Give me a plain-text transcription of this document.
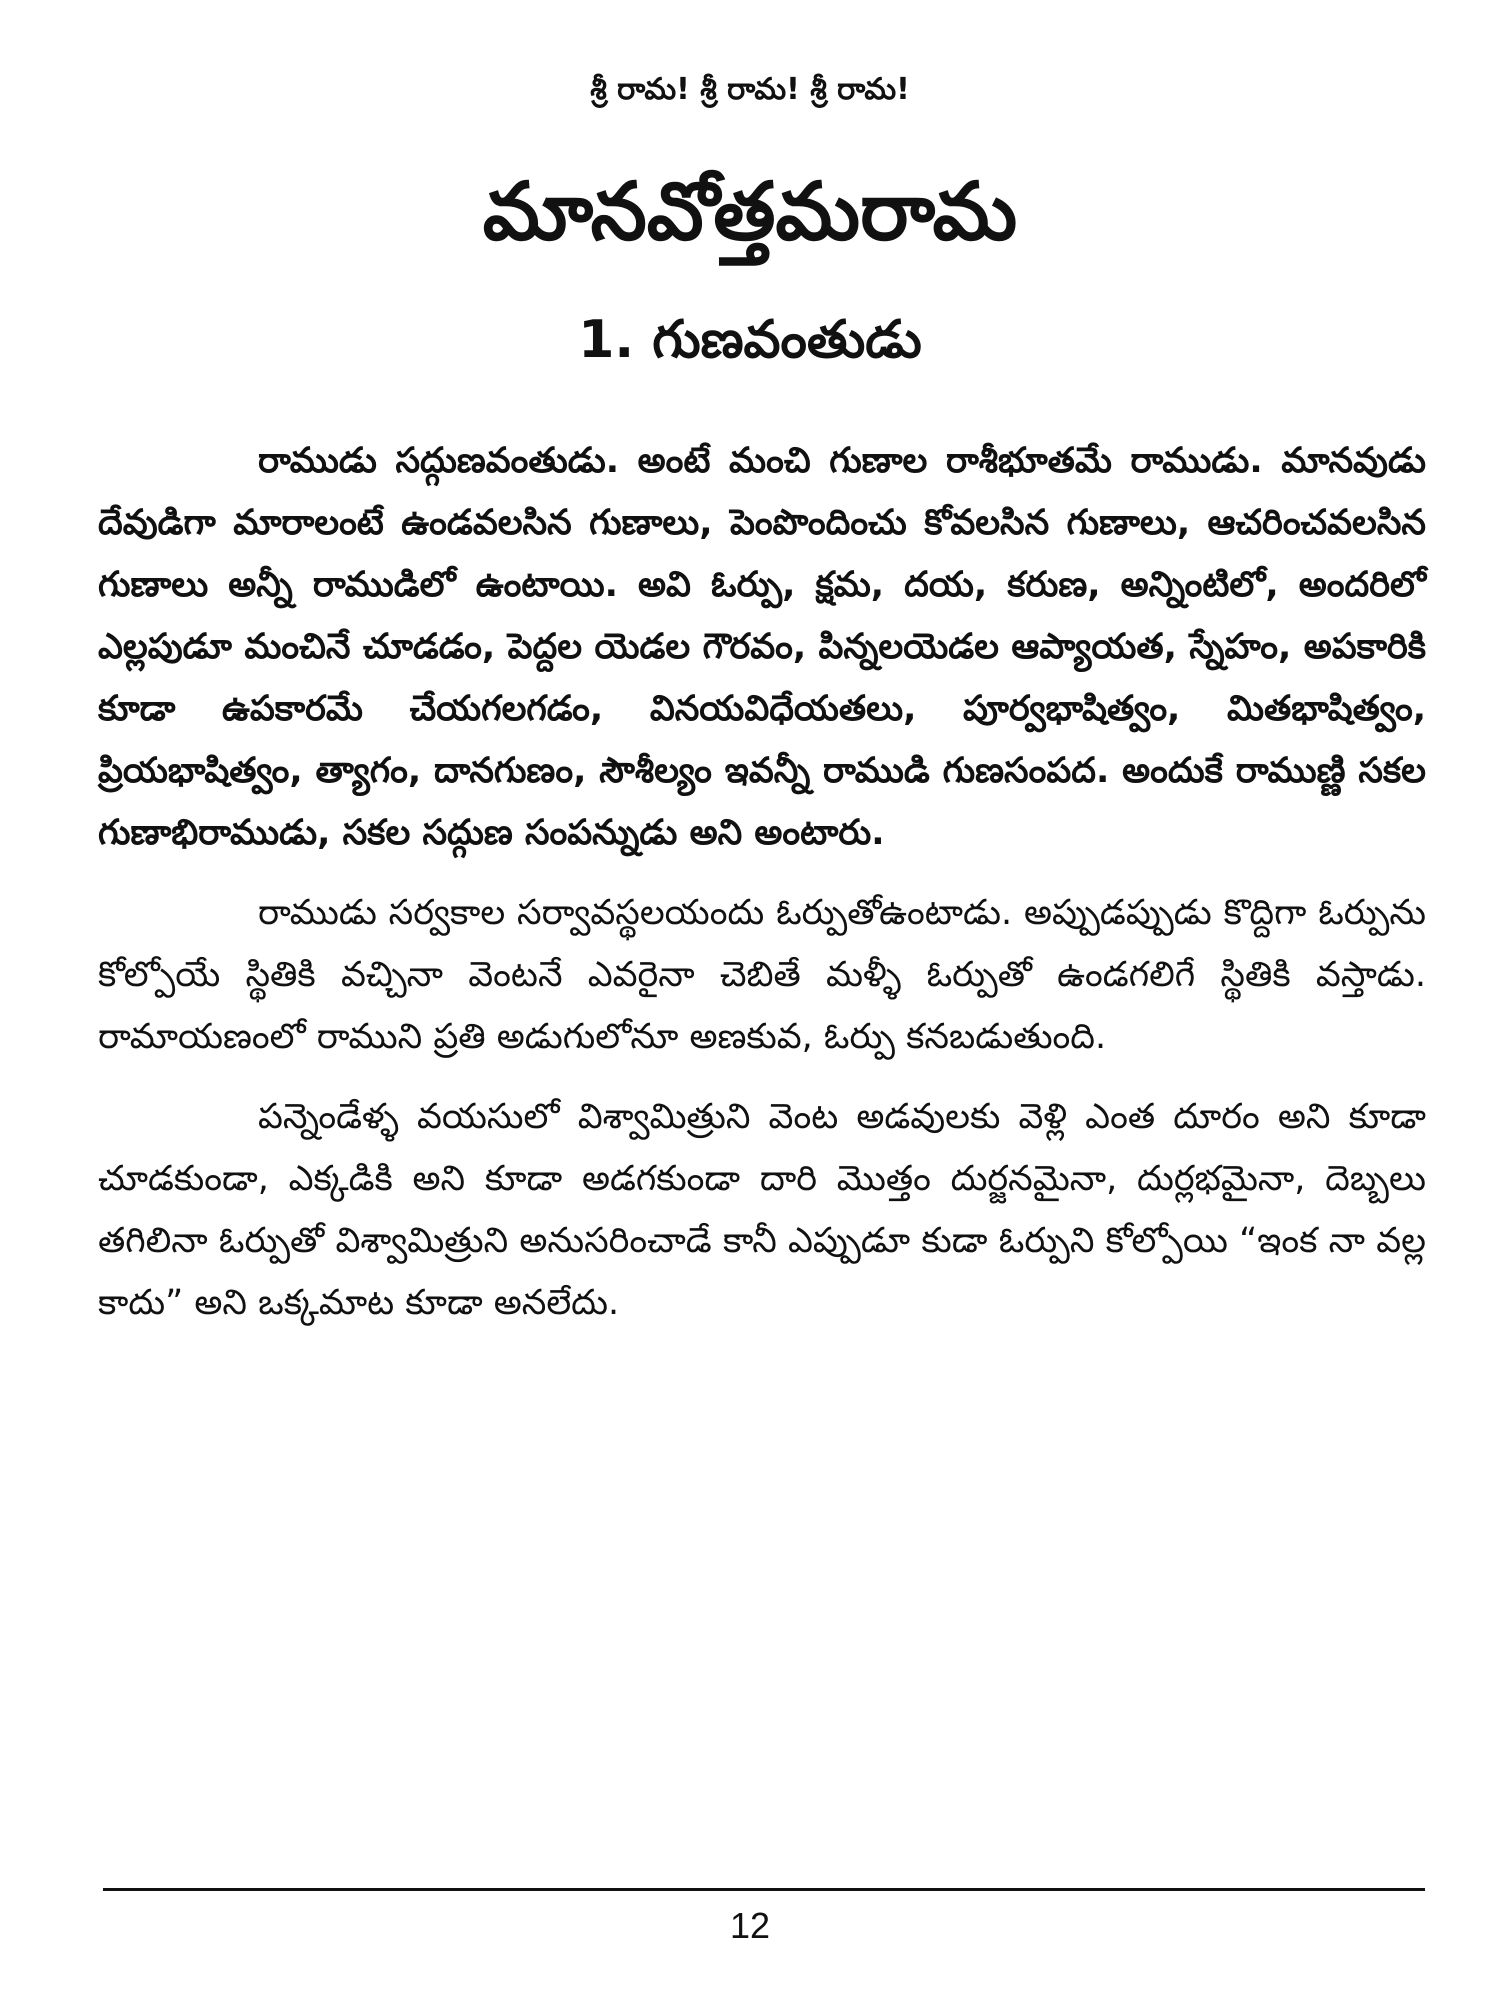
శ్రీ రామ! శ్రీ రామ! శ్రీ రామ!
మానవోత్తమరామ
1. గుణవంతుడు

రాముడు సద్గుణవంతుడు. అంటే మంచి గుణాల రాశీభూతమే రాముడు. మానవుడు దేవుడిగా మారాలంటే ఉండవలసిన గుణాలు, పెంపొందించు కోవలసిన గుణాలు, ఆచరించవలసిన గుణాలు అన్నీ రాముడిలో ఉంటాయి. అవి ఓర్పు, క్షమ, దయ, కరుణ, అన్నింటిలో, అందరిలో ఎల్లపుడూ మంచినే చూడడం, పెద్దల యెడల గౌరవం, పిన్నలయెడల ఆప్యాయత, స్నేహం, అపకారికి కూడా ఉపకారమే చేయగలగడం, వినయవిధేయతలు, పూర్వభాషిత్వం, మితభాషిత్వం, ప్రియభాషిత్వం, త్యాగం, దానగుణం, సౌశీల్యం ఇవన్నీ రాముడి గుణసంపద. అందుకే రాముణ్ణి సకల గుణాభిరాముడు, సకల సద్గుణ సంపన్నుడు అని అంటారు.

రాముడు సర్వకాల సర్వావస్థలయందు ఓర్పుతోఉంటాడు. అప్పుడప్పుడు కొద్దిగా ఓర్పును కోల్పోయే స్థితికి వచ్చినా వెంటనే ఎవరైనా చెబితే మళ్ళీ ఓర్పుతో ఉండగలిగే స్థితికి వస్తాడు. రామాయణంలో రాముని ప్రతి అడుగులోనూ అణకువ, ఓర్పు కనబడుతుంది.

పన్నెండేళ్ళ వయసులో విశ్వామిత్రుని వెంట అడవులకు వెళ్లి ఎంత దూరం అని కూడా చూడకుండా, ఎక్కడికి అని కూడా అడగకుండా దారి మొత్తం దుర్జనమైనా, దుర్లభమైనా, దెబ్బలు తగిలినా ఓర్పుతో విశ్వామిత్రుని అనుసరించాడే కానీ ఎప్పుడూ కుడా ఓర్పుని కోల్పోయి “ఇంక నా వల్ల కాదు” అని ఒక్కమాట కూడా అనలేదు.

12
